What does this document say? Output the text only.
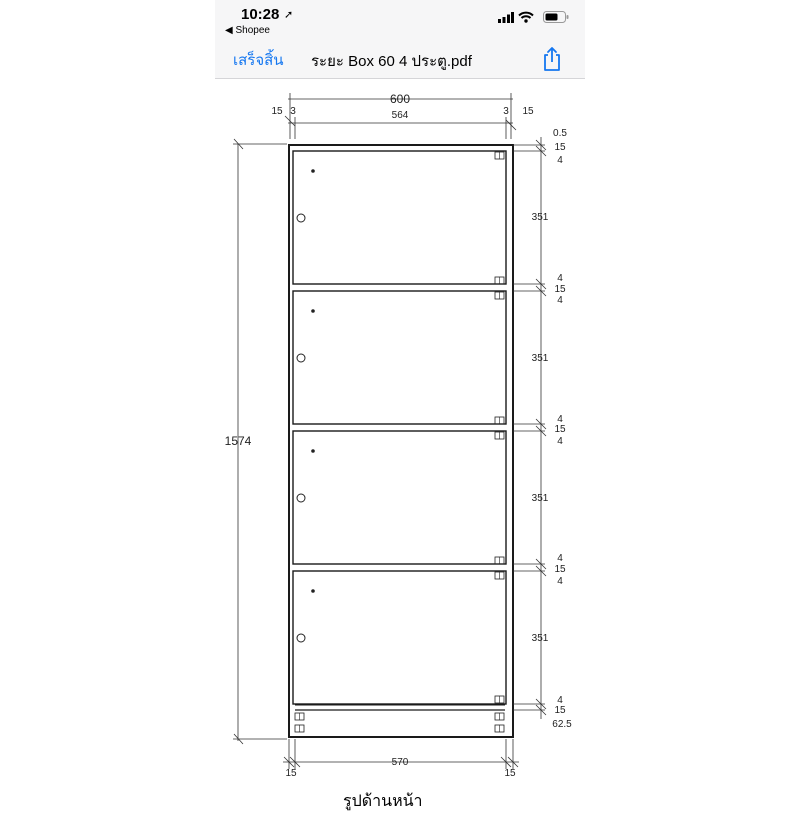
10:28 ➚
◀ Shopee
เสร็จสิ้น ระยะ Box 60 4 ประตู.pdf
600
564
15 3	3 15
1574
0.5
15
4
351
351
351
351
4
15
4
4
15
4
4
15
4
4
15
62.5
570
15	15
รูปด้านหน้า
